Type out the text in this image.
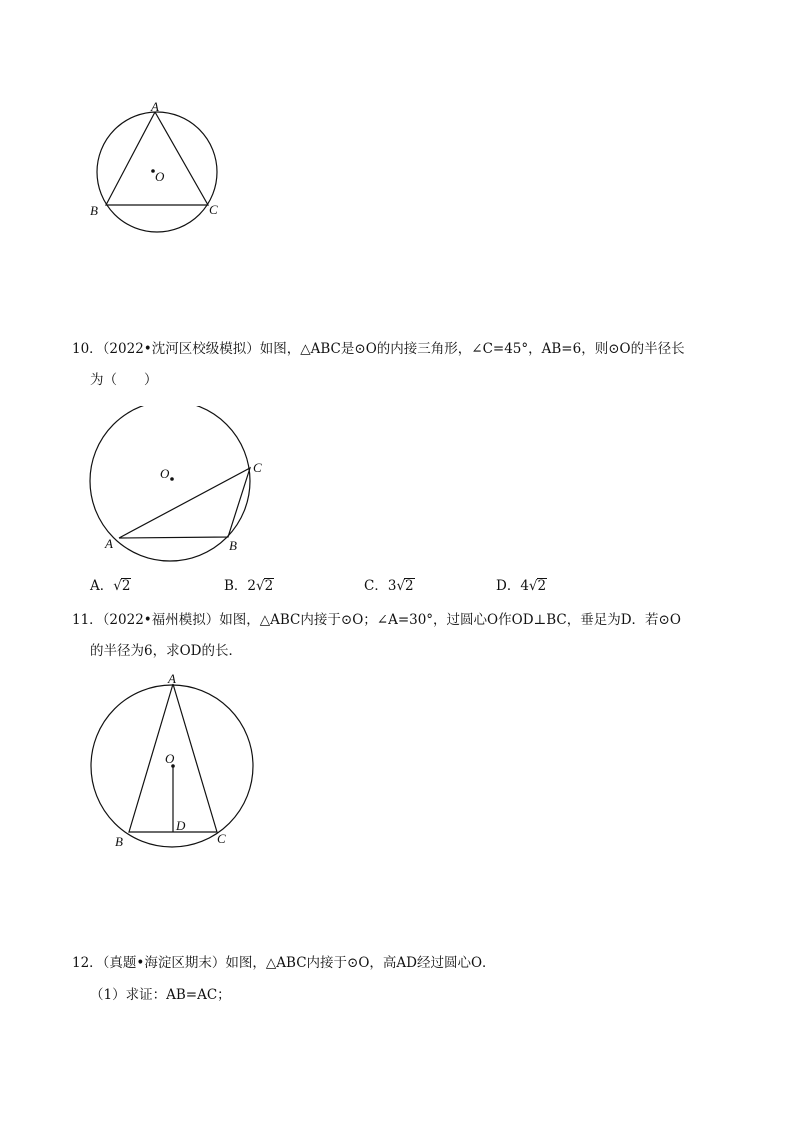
A
B	C
O
10．（2022•沈河区校级模拟）如图，△ABC是⊙O的内接三角形，∠C=45°，AB=6，则⊙O的半径长
为（　　）
O	C
A	B
A．√2	B．2√2	C．3√2	D．4√2
11．（2022•福州模拟）如图，△ABC内接于⊙O；∠A=30°，过圆心O作OD⊥BC，垂足为D．若⊙O
的半径为6，求OD的长．
A
O
D
B	C
12．（真题•海淀区期末）如图，△ABC内接于⊙O，高AD经过圆心O．
（1）求证：AB=AC；
